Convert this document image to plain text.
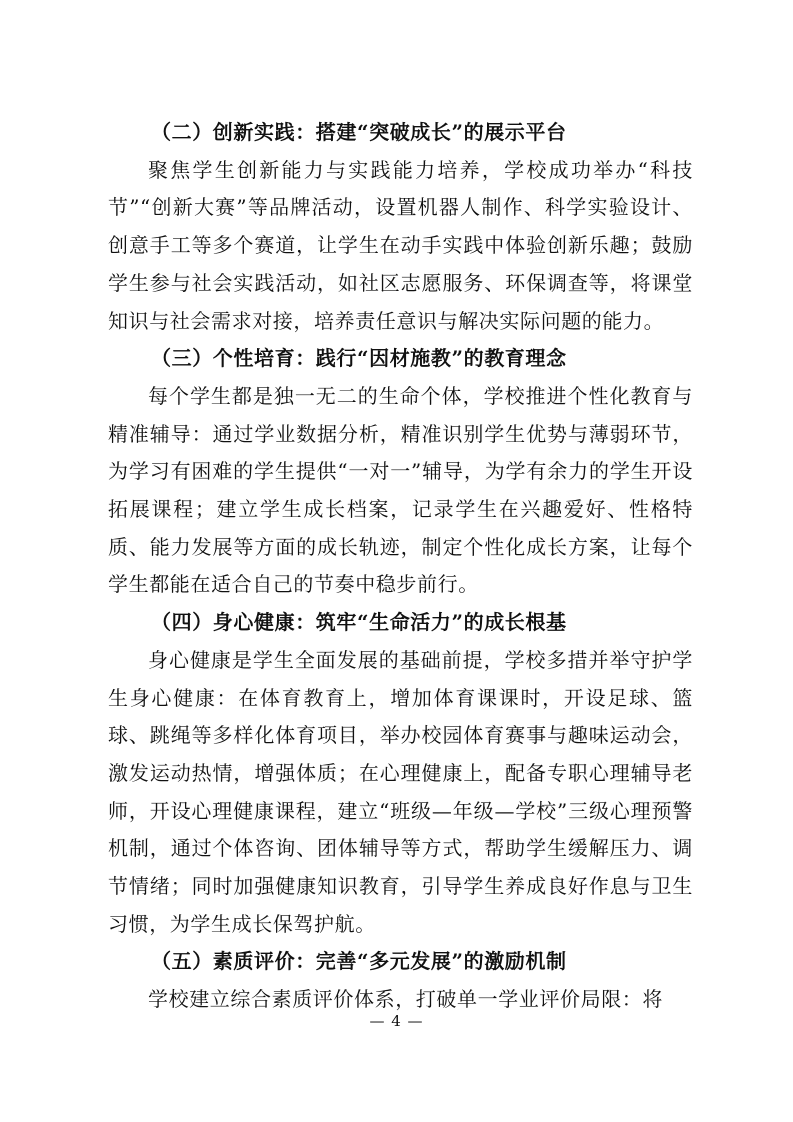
（二）创新实践：搭建“突破成长”的展示平台

聚焦学生创新能力与实践能力培养，学校成功举办“科技节”“创新大赛”等品牌活动，设置机器人制作、科学实验设计、创意手工等多个赛道，让学生在动手实践中体验创新乐趣；鼓励学生参与社会实践活动，如社区志愿服务、环保调查等，将课堂知识与社会需求对接，培养责任意识与解决实际问题的能力。

（三）个性培育：践行“因材施教”的教育理念

每个学生都是独一无二的生命个体，学校推进个性化教育与精准辅导：通过学业数据分析，精准识别学生优势与薄弱环节，为学习有困难的学生提供“一对一”辅导，为学有余力的学生开设拓展课程；建立学生成长档案，记录学生在兴趣爱好、性格特质、能力发展等方面的成长轨迹，制定个性化成长方案，让每个学生都能在适合自己的节奏中稳步前行。

（四）身心健康：筑牢“生命活力”的成长根基

身心健康是学生全面发展的基础前提，学校多措并举守护学生身心健康：在体育教育上，增加体育课课时，开设足球、篮球、跳绳等多样化体育项目，举办校园体育赛事与趣味运动会，激发运动热情，增强体质；在心理健康上，配备专职心理辅导老师，开设心理健康课程，建立“班级—年级—学校”三级心理预警机制，通过个体咨询、团体辅导等方式，帮助学生缓解压力、调节情绪；同时加强健康知识教育，引导学生养成良好作息与卫生习惯，为学生成长保驾护航。

（五）素质评价：完善“多元发展”的激励机制

学校建立综合素质评价体系，打破单一学业评价局限：将

— 4 —
